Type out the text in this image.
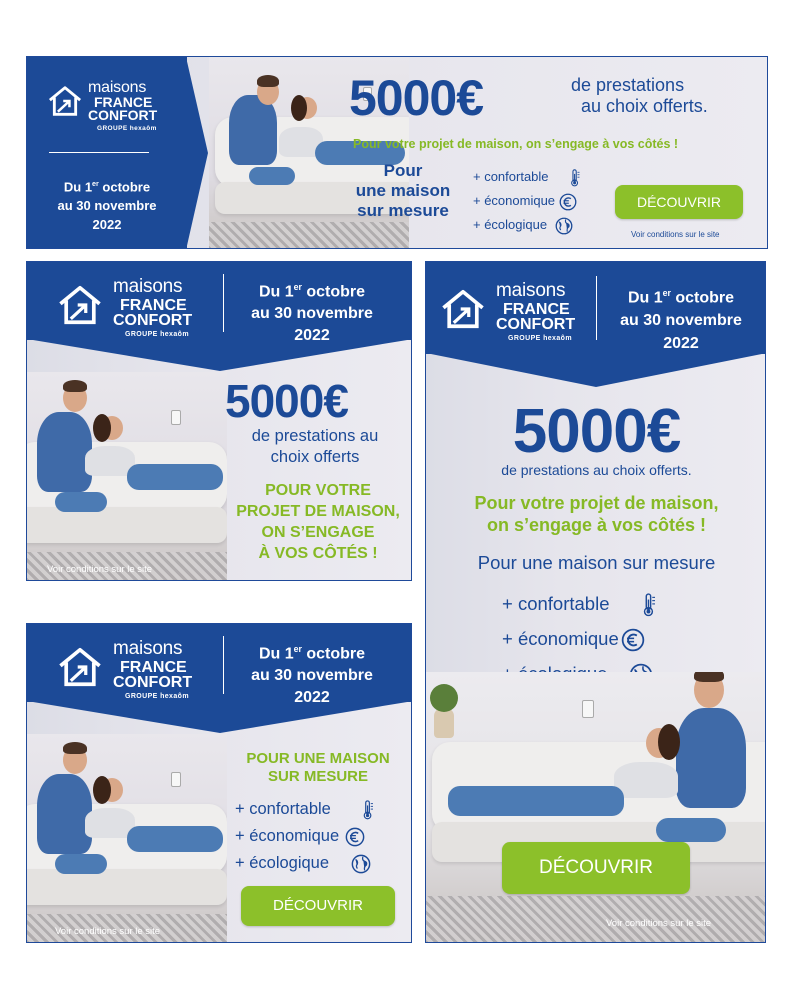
maisons
FRANCE
CONFORT
GROUPE hexaôm
Du 1er octobre
au 30 novembre
2022
5000€	de prestations
au choix offerts.
Pour votre projet de maison, on s’engage à vos côtés !
Pour
une maison
sur mesure
+ confortable
+ économique
+ écologique
DÉCOUVRIR
Voir conditions sur le site
maisons
FRANCE
CONFORT
GROUPE hexaôm
Du 1er octobre
au 30 novembre
2022
Voir conditions sur le site
5000€
de prestations au
choix offerts
POUR VOTRE
PROJET DE MAISON,
ON S’ENGAGE
À VOS CÔTÉS !
maisons
FRANCE
CONFORT
GROUPE hexaôm
Du 1er octobre
au 30 novembre
2022
Voir conditions sur le site
POUR UNE MAISON
SUR MESURE
+ confortable
+ économique
+ écologique
DÉCOUVRIR
maisons
FRANCE
CONFORT
GROUPE hexaôm
Du 1er octobre
au 30 novembre
2022
5000€
de prestations au choix offerts.
Pour votre projet de maison,
on s’engage à vos côtés !
Pour une maison sur mesure
+ confortable
+ économique
DÉCOUVRIR
Voir conditions sur le site
